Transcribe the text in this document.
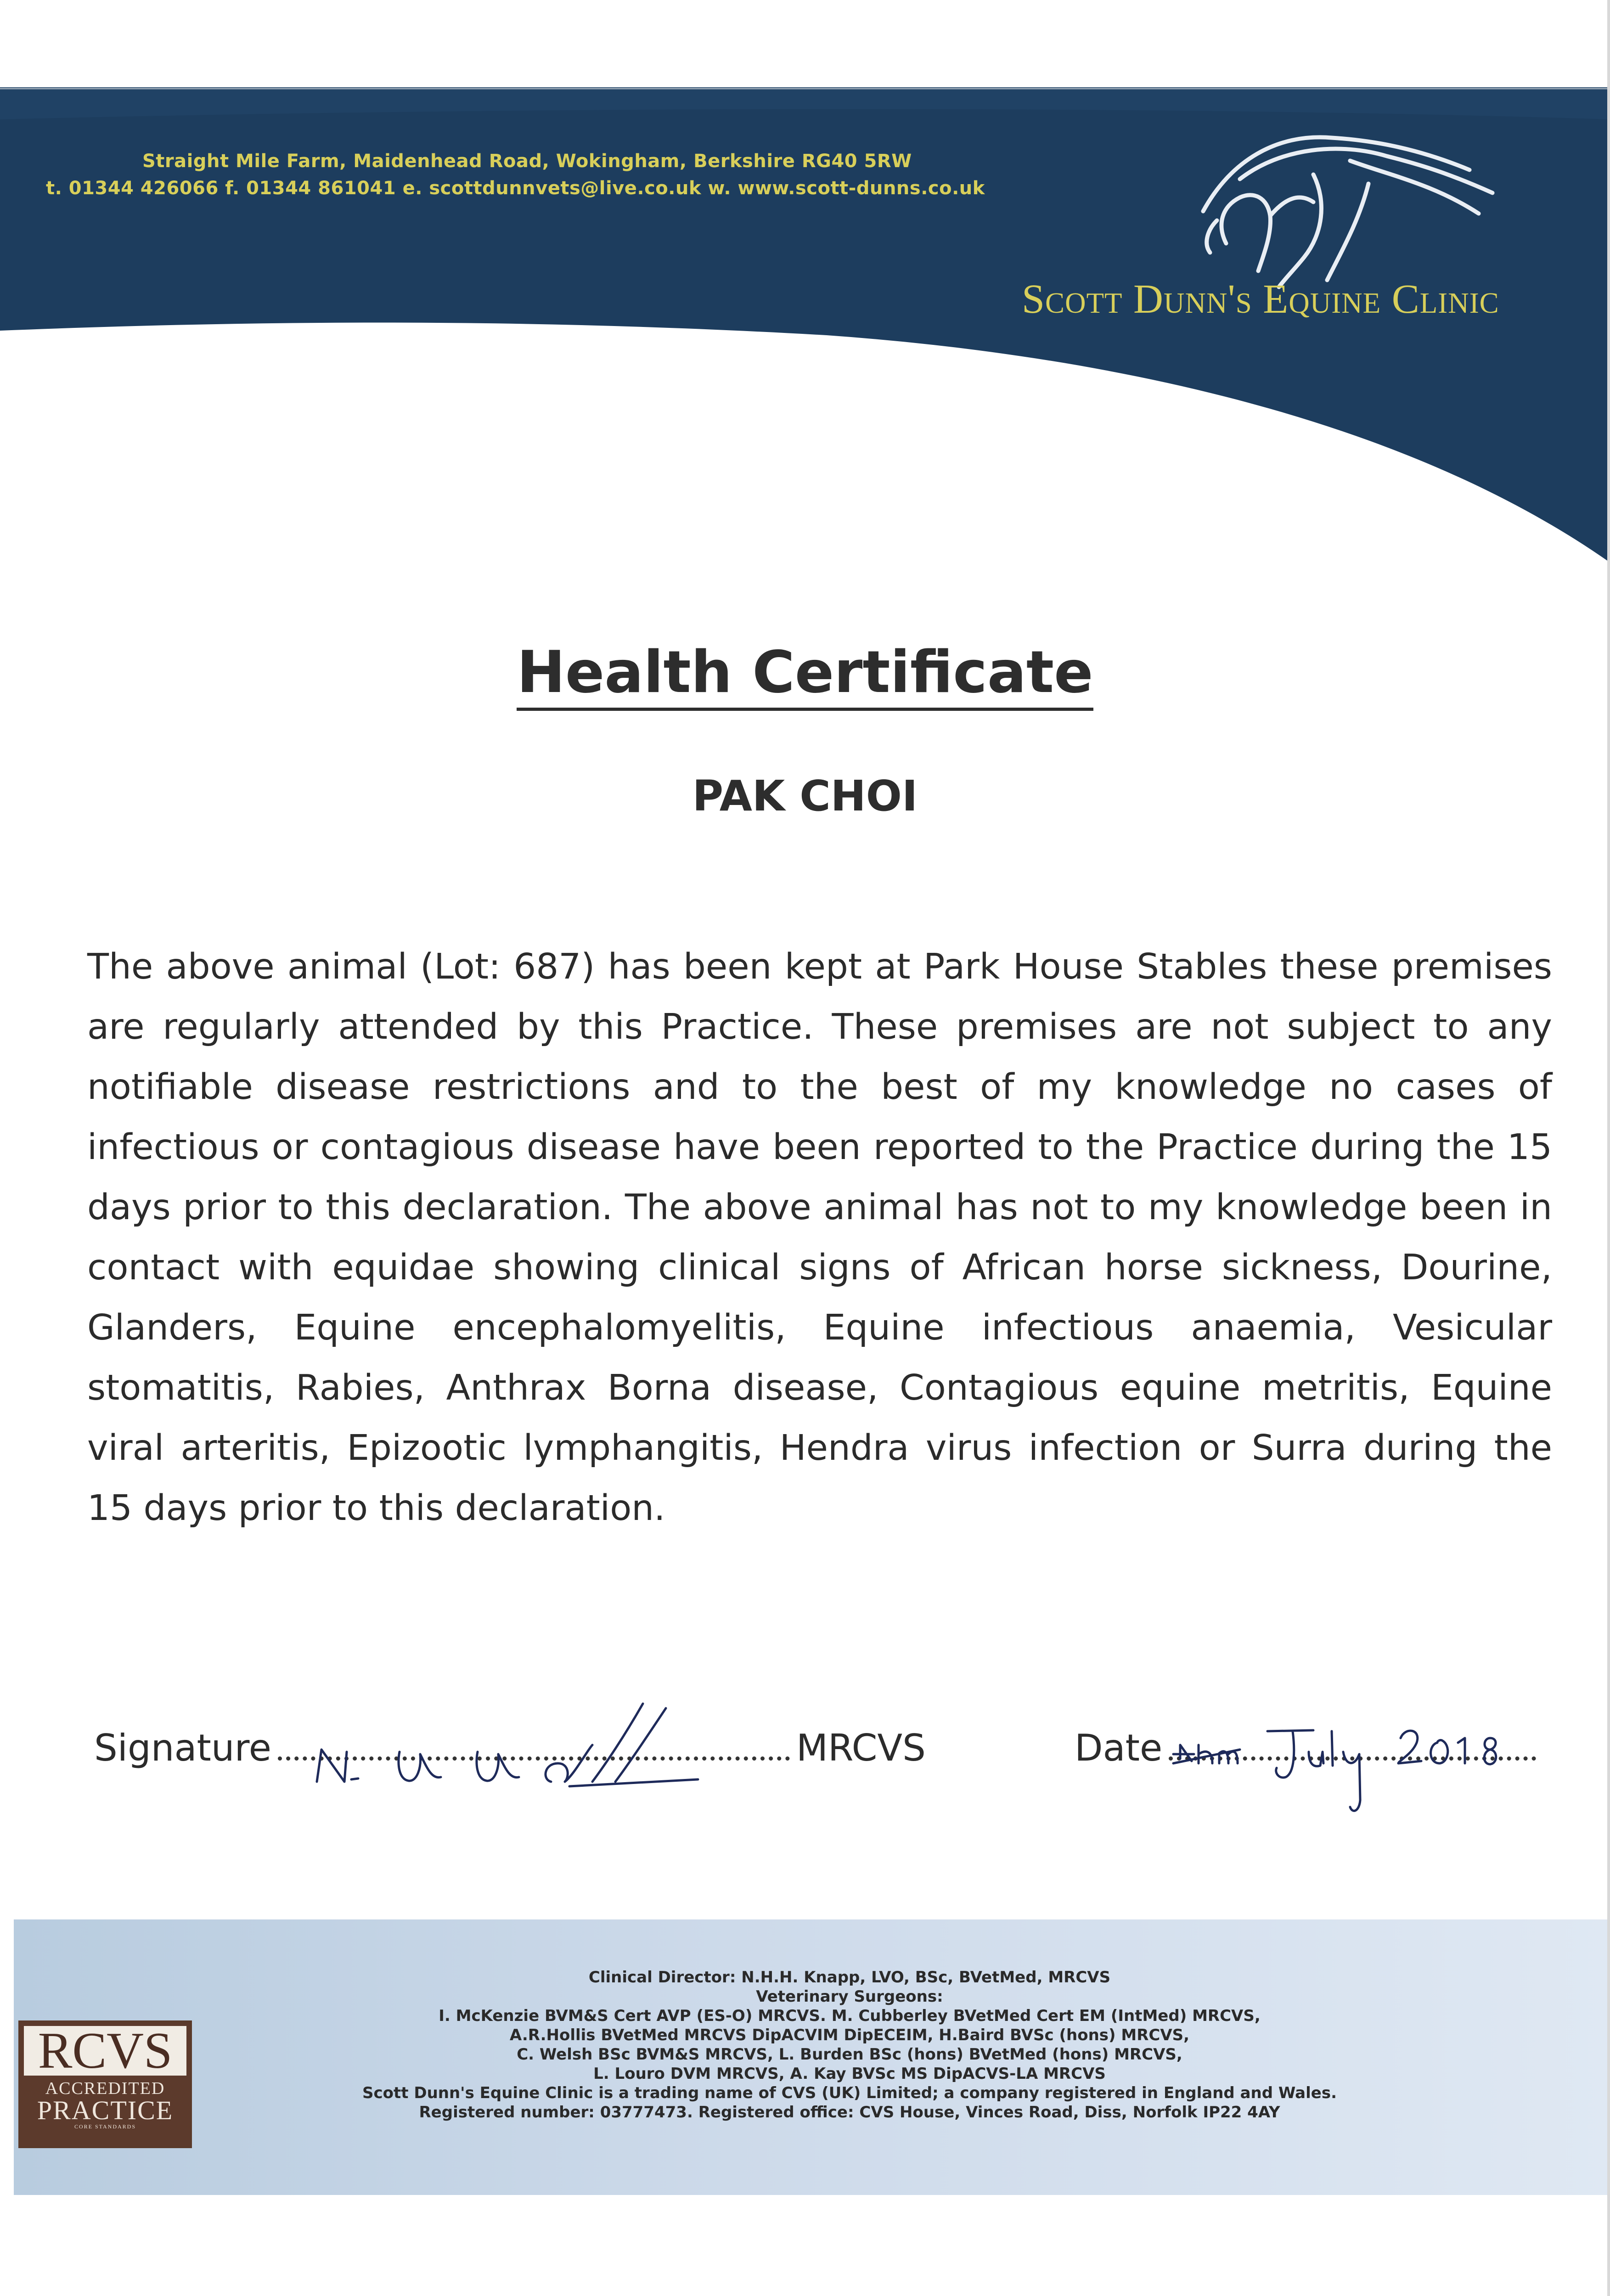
Straight Mile Farm, Maidenhead Road, Wokingham, Berkshire RG40 5RW
t. 01344 426066 f. 01344 861041 e. scottdunnvets@live.co.uk w. www.scott-dunns.co.uk
Scott Dunn's Equine Clinic
Health Certificate
PAK CHOI
The above animal (Lot: 687) has been kept at Park House Stables these premises are regularly attended by this Practice. These premises are not subject to any notifiable disease restrictions and to the best of my knowledge no cases of infectious or contagious disease have been reported to the Practice during the 15 days prior to this declaration. The above animal has not to my knowledge been in contact with equidae showing clinical signs of African horse sickness, Dourine, Glanders, Equine encephalomyelitis, Equine infectious anaemia, Vesicular stomatitis, Rabies, Anthrax Borna disease, Contagious equine metritis, Equine viral arteritis, Epizootic lymphangitis, Hendra virus infection or Surra during the 15 days prior to this declaration.
Signature	MRCVS	Date
RCVS
ACCREDITED
PRACTICE
CORE STANDARDS
Clinical Director: N.H.H. Knapp, LVO, BSc, BVetMed, MRCVS
Veterinary Surgeons:
I. McKenzie BVM&S Cert AVP (ES-O) MRCVS. M. Cubberley BVetMed Cert EM (IntMed) MRCVS,
A.R.Hollis BVetMed MRCVS DipACVIM DipECEIM, H.Baird BVSc (hons) MRCVS,
C. Welsh BSc BVM&S MRCVS, L. Burden BSc (hons) BVetMed (hons) MRCVS,
L. Louro DVM MRCVS, A. Kay BVSc MS DipACVS-LA MRCVS
Scott Dunn's Equine Clinic is a trading name of CVS (UK) Limited; a company registered in England and Wales.
Registered number: 03777473. Registered office: CVS House, Vinces Road, Diss, Norfolk IP22 4AY
